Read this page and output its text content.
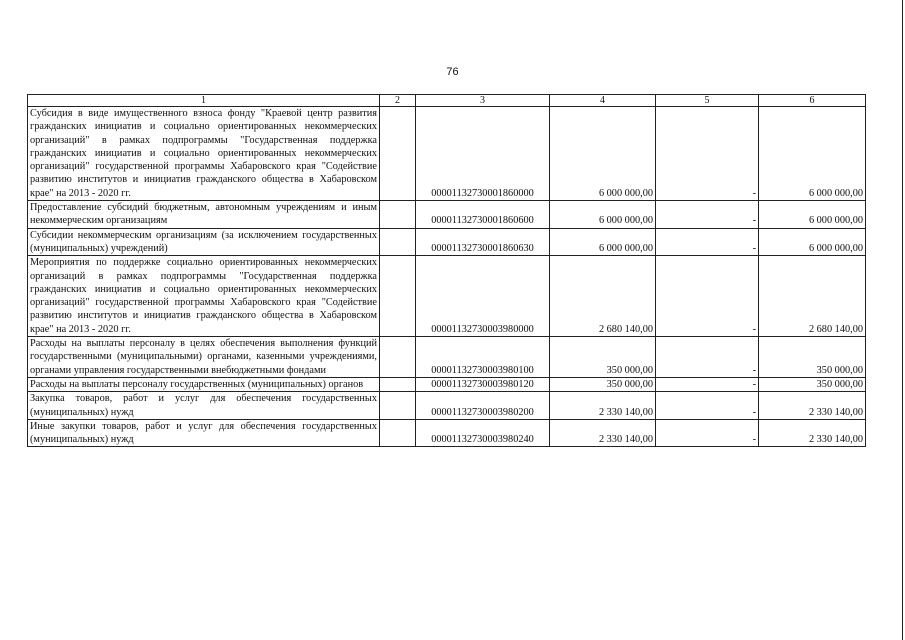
76
1	2	3	4	5	6
Субсидия в виде имущественного взноса фонду "Краевой центр развития гражданских инициатив и социально ориентированных некоммерческих организаций" в рамках подпрограммы "Государственная поддержка гражданских инициатив и социально ориентированных некоммерческих организаций" государственной программы Хабаровского края "Содействие развитию институтов и инициатив гражданского общества в Хабаровском крае" на 2013 - 2020 гг.		00001132730001860000	6 000 000,00	-	6 000 000,00
Предоставление субсидий бюджетным, автономным учреждениям и иным некоммерческим организациям		00001132730001860600	6 000 000,00	-	6 000 000,00
Субсидии некоммерческим организациям (за исключением государственных (муниципальных) учреждений)		00001132730001860630	6 000 000,00	-	6 000 000,00
Мероприятия по поддержке социально ориентированных некоммерческих организаций в рамках подпрограммы "Государственная поддержка гражданских инициатив и социально ориентированных некоммерческих организаций" государственной программы Хабаровского края "Содействие развитию институтов и инициатив гражданского общества в Хабаровском крае" на 2013 - 2020 гг.		00001132730003980000	2 680 140,00	-	2 680 140,00
Расходы на выплаты персоналу в целях обеспечения выполнения функций государственными (муниципальными) органами, казенными учреждениями, органами управления государственными внебюджетными фондами		00001132730003980100	350 000,00	-	350 000,00
Расходы на выплаты персоналу государственных (муниципальных) органов		00001132730003980120	350 000,00	-	350 000,00
Закупка товаров, работ и услуг для обеспечения государственных (муниципальных) нужд		00001132730003980200	2 330 140,00	-	2 330 140,00
Иные закупки товаров, работ и услуг для обеспечения государственных (муниципальных) нужд		00001132730003980240	2 330 140,00	-	2 330 140,00
